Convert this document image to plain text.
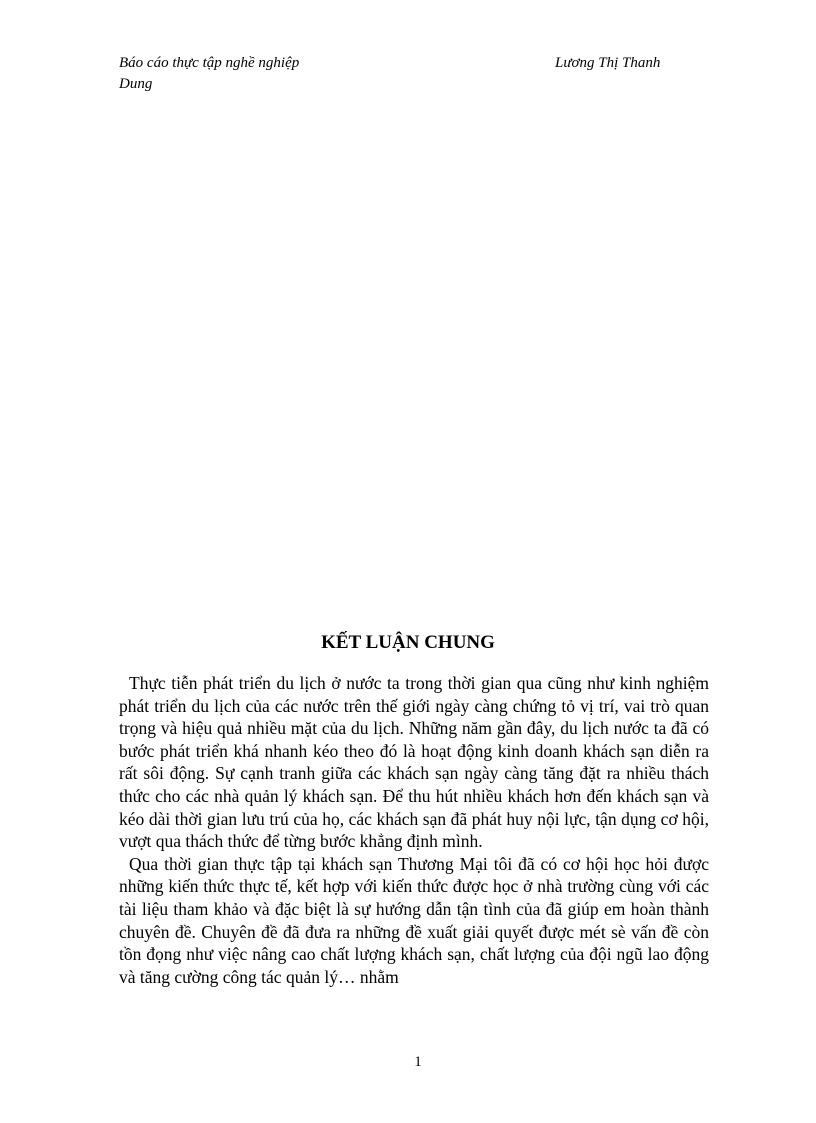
Báo cáo thực tập nghề nghiệp	Lương Thị Thanh
Dung
KẾT LUẬN CHUNG

Thực tiễn phát triển du lịch ở nước ta trong thời gian qua cũng như kinh nghiệm phát triển du lịch của các nước trên thế giới ngày càng chứng tỏ vị trí, vai trò quan trọng và hiệu quả nhiều mặt của du lịch. Những năm gần đây, du lịch nước ta đã có bước phát triển khá nhanh kéo theo đó là hoạt động kinh doanh khách sạn diễn ra rất sôi động. Sự cạnh tranh giữa các khách sạn ngày càng tăng đặt ra nhiều thách thức cho các nhà quản lý khách sạn. Để thu hút nhiều khách hơn đến khách sạn và kéo dài thời gian lưu trú của họ, các khách sạn đã phát huy nội lực, tận dụng cơ hội, vượt qua thách thức để từng bước khẳng định mình.

Qua thời gian thực tập tại khách sạn Thương Mại tôi đã có cơ hội học hỏi được những kiến thức thực tế, kết hợp với kiến thức được học ở nhà trường cùng với các tài liệu tham khảo và đặc biệt là sự hướng dẫn tận tình của đã giúp em hoàn thành chuyên đề. Chuyên đề đã đưa ra những đề xuất giải quyết được mét sè vấn đề còn tồn đọng như việc nâng cao chất lượng khách sạn, chất lượng của đội ngũ lao động và tăng cường công tác quản lý… nhằm

1
